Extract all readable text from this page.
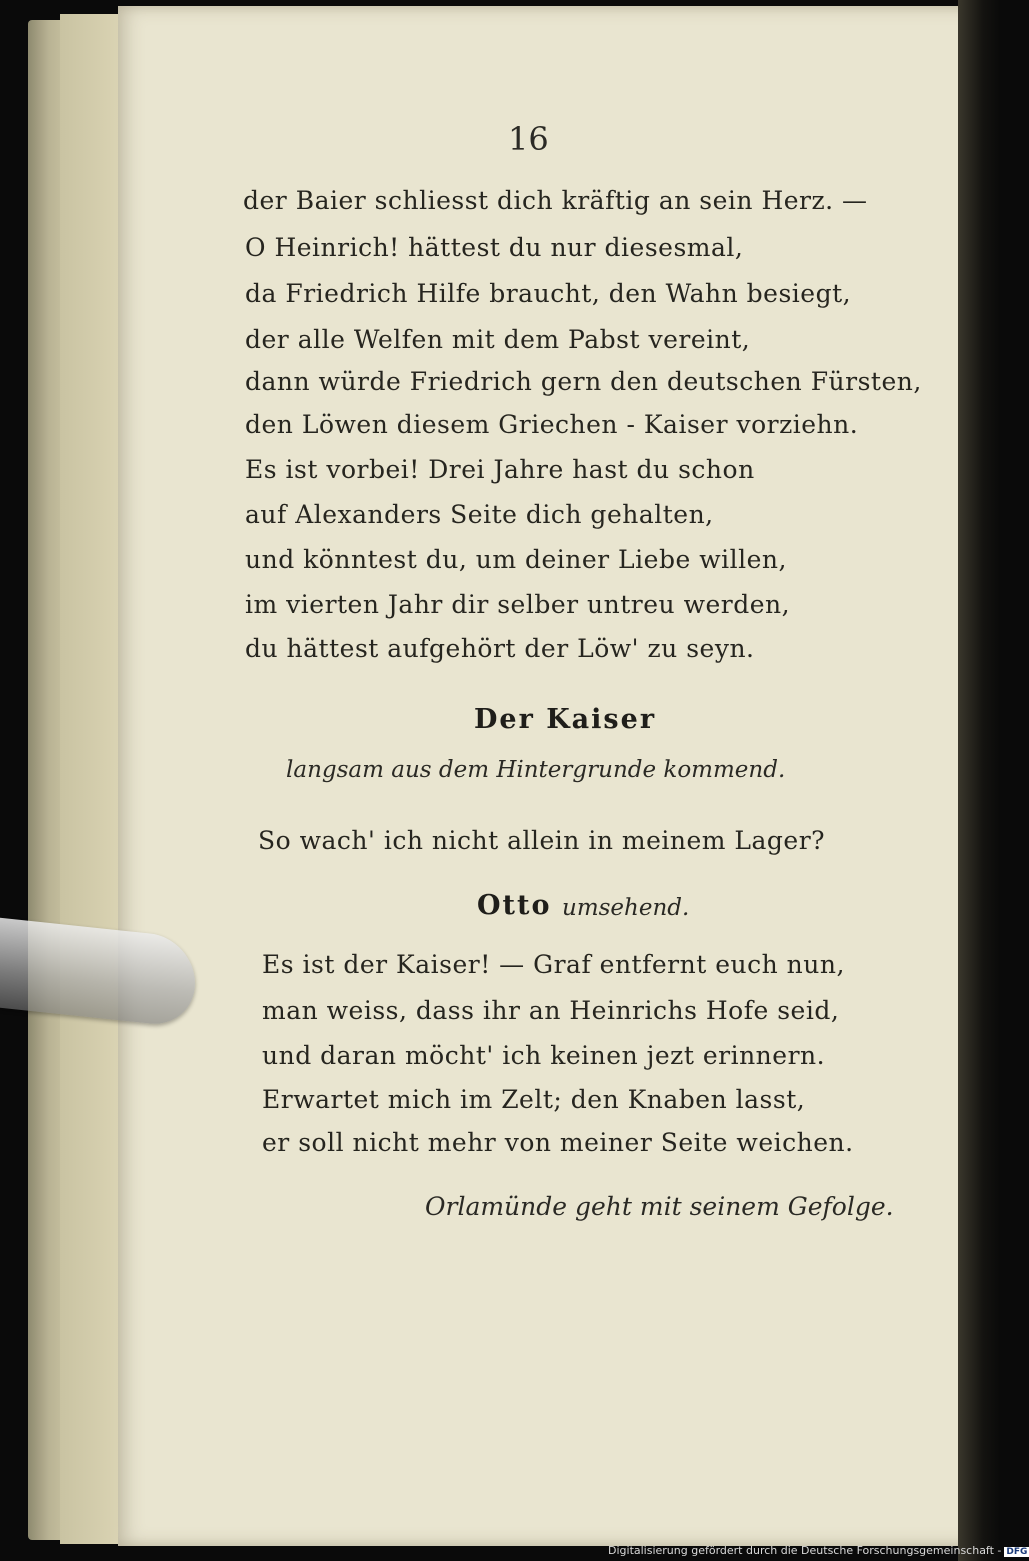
16
der Baier schliesst dich kräftig an sein Herz. —
O Heinrich! hättest du nur diesesmal,
da Friedrich Hilfe braucht, den Wahn besiegt,
der alle Welfen mit dem Pabst vereint,
dann würde Friedrich gern den deutschen Fürsten,
den Löwen diesem Griechen - Kaiser vorziehn.
Es ist vorbei! Drei Jahre hast du schon
auf Alexanders Seite dich gehalten,
und könntest du, um deiner Liebe willen,
im vierten Jahr dir selber untreu werden,
du hättest aufgehört der Löw' zu seyn.
Der Kaiser
langsam aus dem Hintergrunde kommend.
So wach' ich nicht allein in meinem Lager?
Otto umsehend.
Es ist der Kaiser! — Graf entfernt euch nun,
man weiss, dass ihr an Heinrichs Hofe seid,
und daran möcht' ich keinen jezt erinnern.
Erwartet mich im Zelt; den Knaben lasst,
er soll nicht mehr von meiner Seite weichen.
Orlamünde geht mit seinem Gefolge.
Digitalisierung gefördert durch die Deutsche Forschungsgemeinschaft - DFG
